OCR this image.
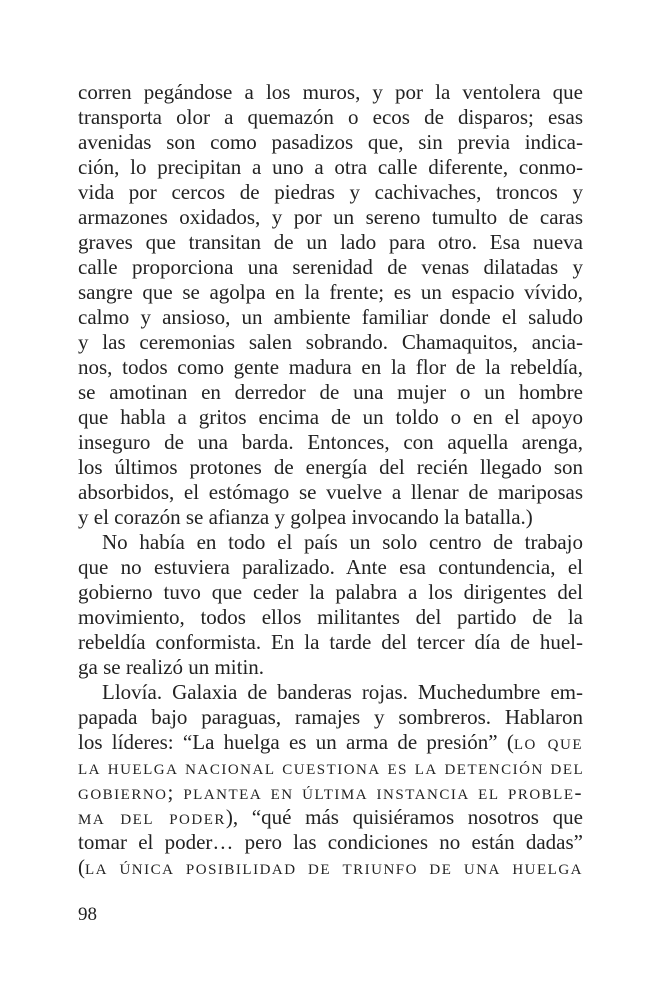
corren pegándose a los muros, y por la ventolera que
transporta olor a quemazón o ecos de disparos; esas
avenidas son como pasadizos que, sin previa indica-
ción, lo precipitan a uno a otra calle diferente, conmo-
vida por cercos de piedras y cachivaches, troncos y
armazones oxidados, y por un sereno tumulto de caras
graves que transitan de un lado para otro. Esa nueva
calle proporciona una serenidad de venas dilatadas y
sangre que se agolpa en la frente; es un espacio vívido,
calmo y ansioso, un ambiente familiar donde el saludo
y las ceremonias salen sobrando. Chamaquitos, ancia-
nos, todos como gente madura en la flor de la rebeldía,
se amotinan en derredor de una mujer o un hombre
que habla a gritos encima de un toldo o en el apoyo
inseguro de una barda. Entonces, con aquella arenga,
los últimos protones de energía del recién llegado son
absorbidos, el estómago se vuelve a llenar de mariposas
y el corazón se afianza y golpea invocando la batalla.)
No había en todo el país un solo centro de trabajo
que no estuviera paralizado. Ante esa contundencia, el
gobierno tuvo que ceder la palabra a los dirigentes del
movimiento, todos ellos militantes del partido de la
rebeldía conformista. En la tarde del tercer día de huel-
ga se realizó un mitin.
Llovía. Galaxia de banderas rojas. Muchedumbre em-
papada bajo paraguas, ramajes y sombreros. Hablaron
los líderes: “La huelga es un arma de presión” (lo que
la huelga nacional cuestiona es la detención del
gobierno; plantea en última instancia el proble-
ma del poder), “qué más quisiéramos nosotros que
tomar el poder… pero las condiciones no están dadas”
(la única posibilidad de triunfo de una huelga
98
